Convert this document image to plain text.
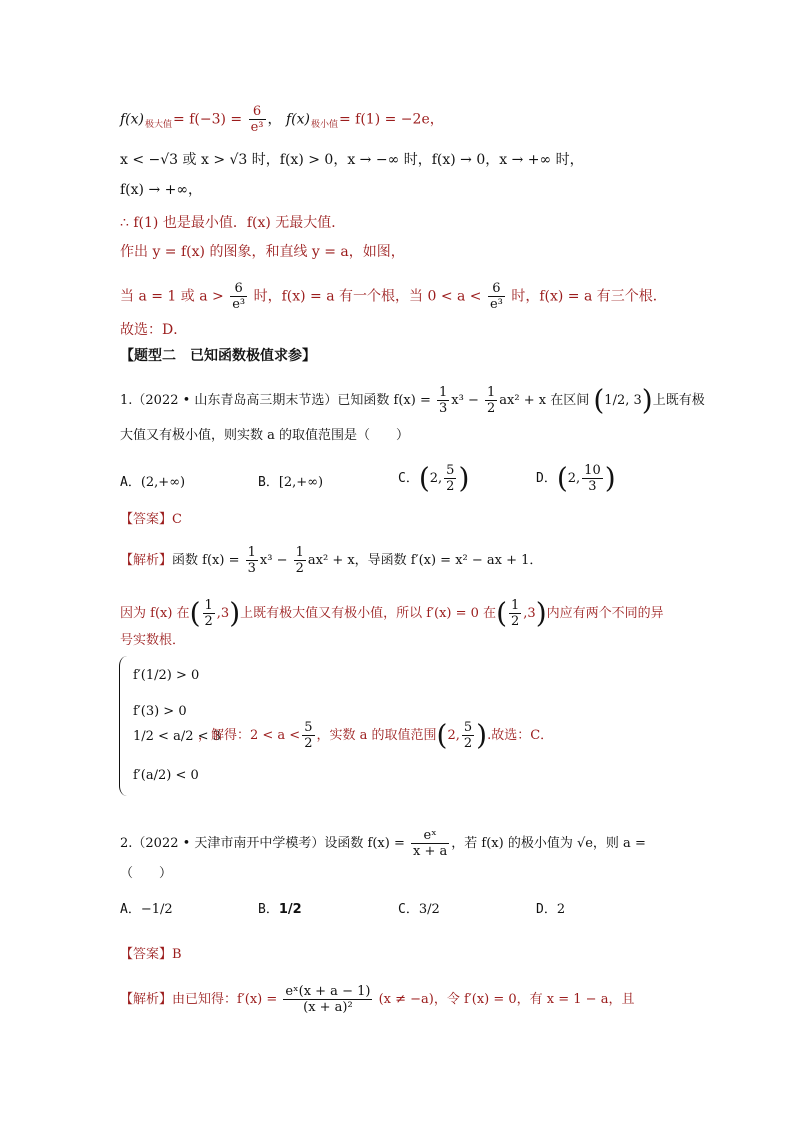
$f(x)_{极大值}= f(-3) = \frac{6}{\text{e³}}$ ， $f(x)_{极小值}= f(1) = -2e$，
x < −√3 或 x > √3 时，f(x) > 0，x → −∞ 时，f(x) → 0，x → +∞ 时，
f(x) → +∞，
∴ f(1) 也是最小值．f(x) 无最大值．
作出 y = f(x) 的图象，和直线 y = a，如图，
当 a = 1 或 $a > \frac{6}{\text{e³}}$ 时，f(x) = a 有一个根，当 $0 < a < \frac{6}{\text{e³}}$ 时，f(x) = a 有三个根．
故选：D．
【题型二　已知函数极值求参】
1.（2022 • 山东青岛高三期末节选）已知函数 $f(x) = \frac{1}{3} x^3 - \frac{1}{2} ax^2 + x$ 在区间 (1/2, 3)上既有极
大值又有极小值，则实数 a 的取值范围是（　　）
A．(2,+∞)	B．[2,+∞)	C．(2, $\frac{5}{2}$ )	D．(2, $\frac{10}{3}$ )
【答案】C
【解析】函数 $f(x) = \frac{1}{3} x^3 - \frac{1}{2} ax^2 + x$，导函数 f′(x) = x² − ax + 1．
因为 f(x) 在( $\frac{1}{2} ,3$)上既有极大值又有极小值，所以 f′(x) = 0 在( $\frac{1}{2} ,3$)内应有两个不同的异
号实数根．
f′(1/2) > 0
f′(3) > 0
1/2 < a/2 < 3
f′(a/2) < 0
，解得：$2 < a < \frac{5}{2}$ ，实数 a 的取值范围(2, $\frac{5}{2}$ ).故选：C．
2.（2022 • 天津市南开中学模考）设函数 $f(x) = \frac{\text{eˣ}}{x + a}$ ，若 f(x) 的极小值为 √e，则 a =
（　　）
A．−1/2	B．1/2	C．3/2	D．2
【答案】B
【解析】由已知得：$f'(x) = \frac{\text{eˣ(x + a − 1)}}{\text{(x + a)²}} (x \ne -a)$，令 f′(x) = 0，有 x = 1 − a，且
